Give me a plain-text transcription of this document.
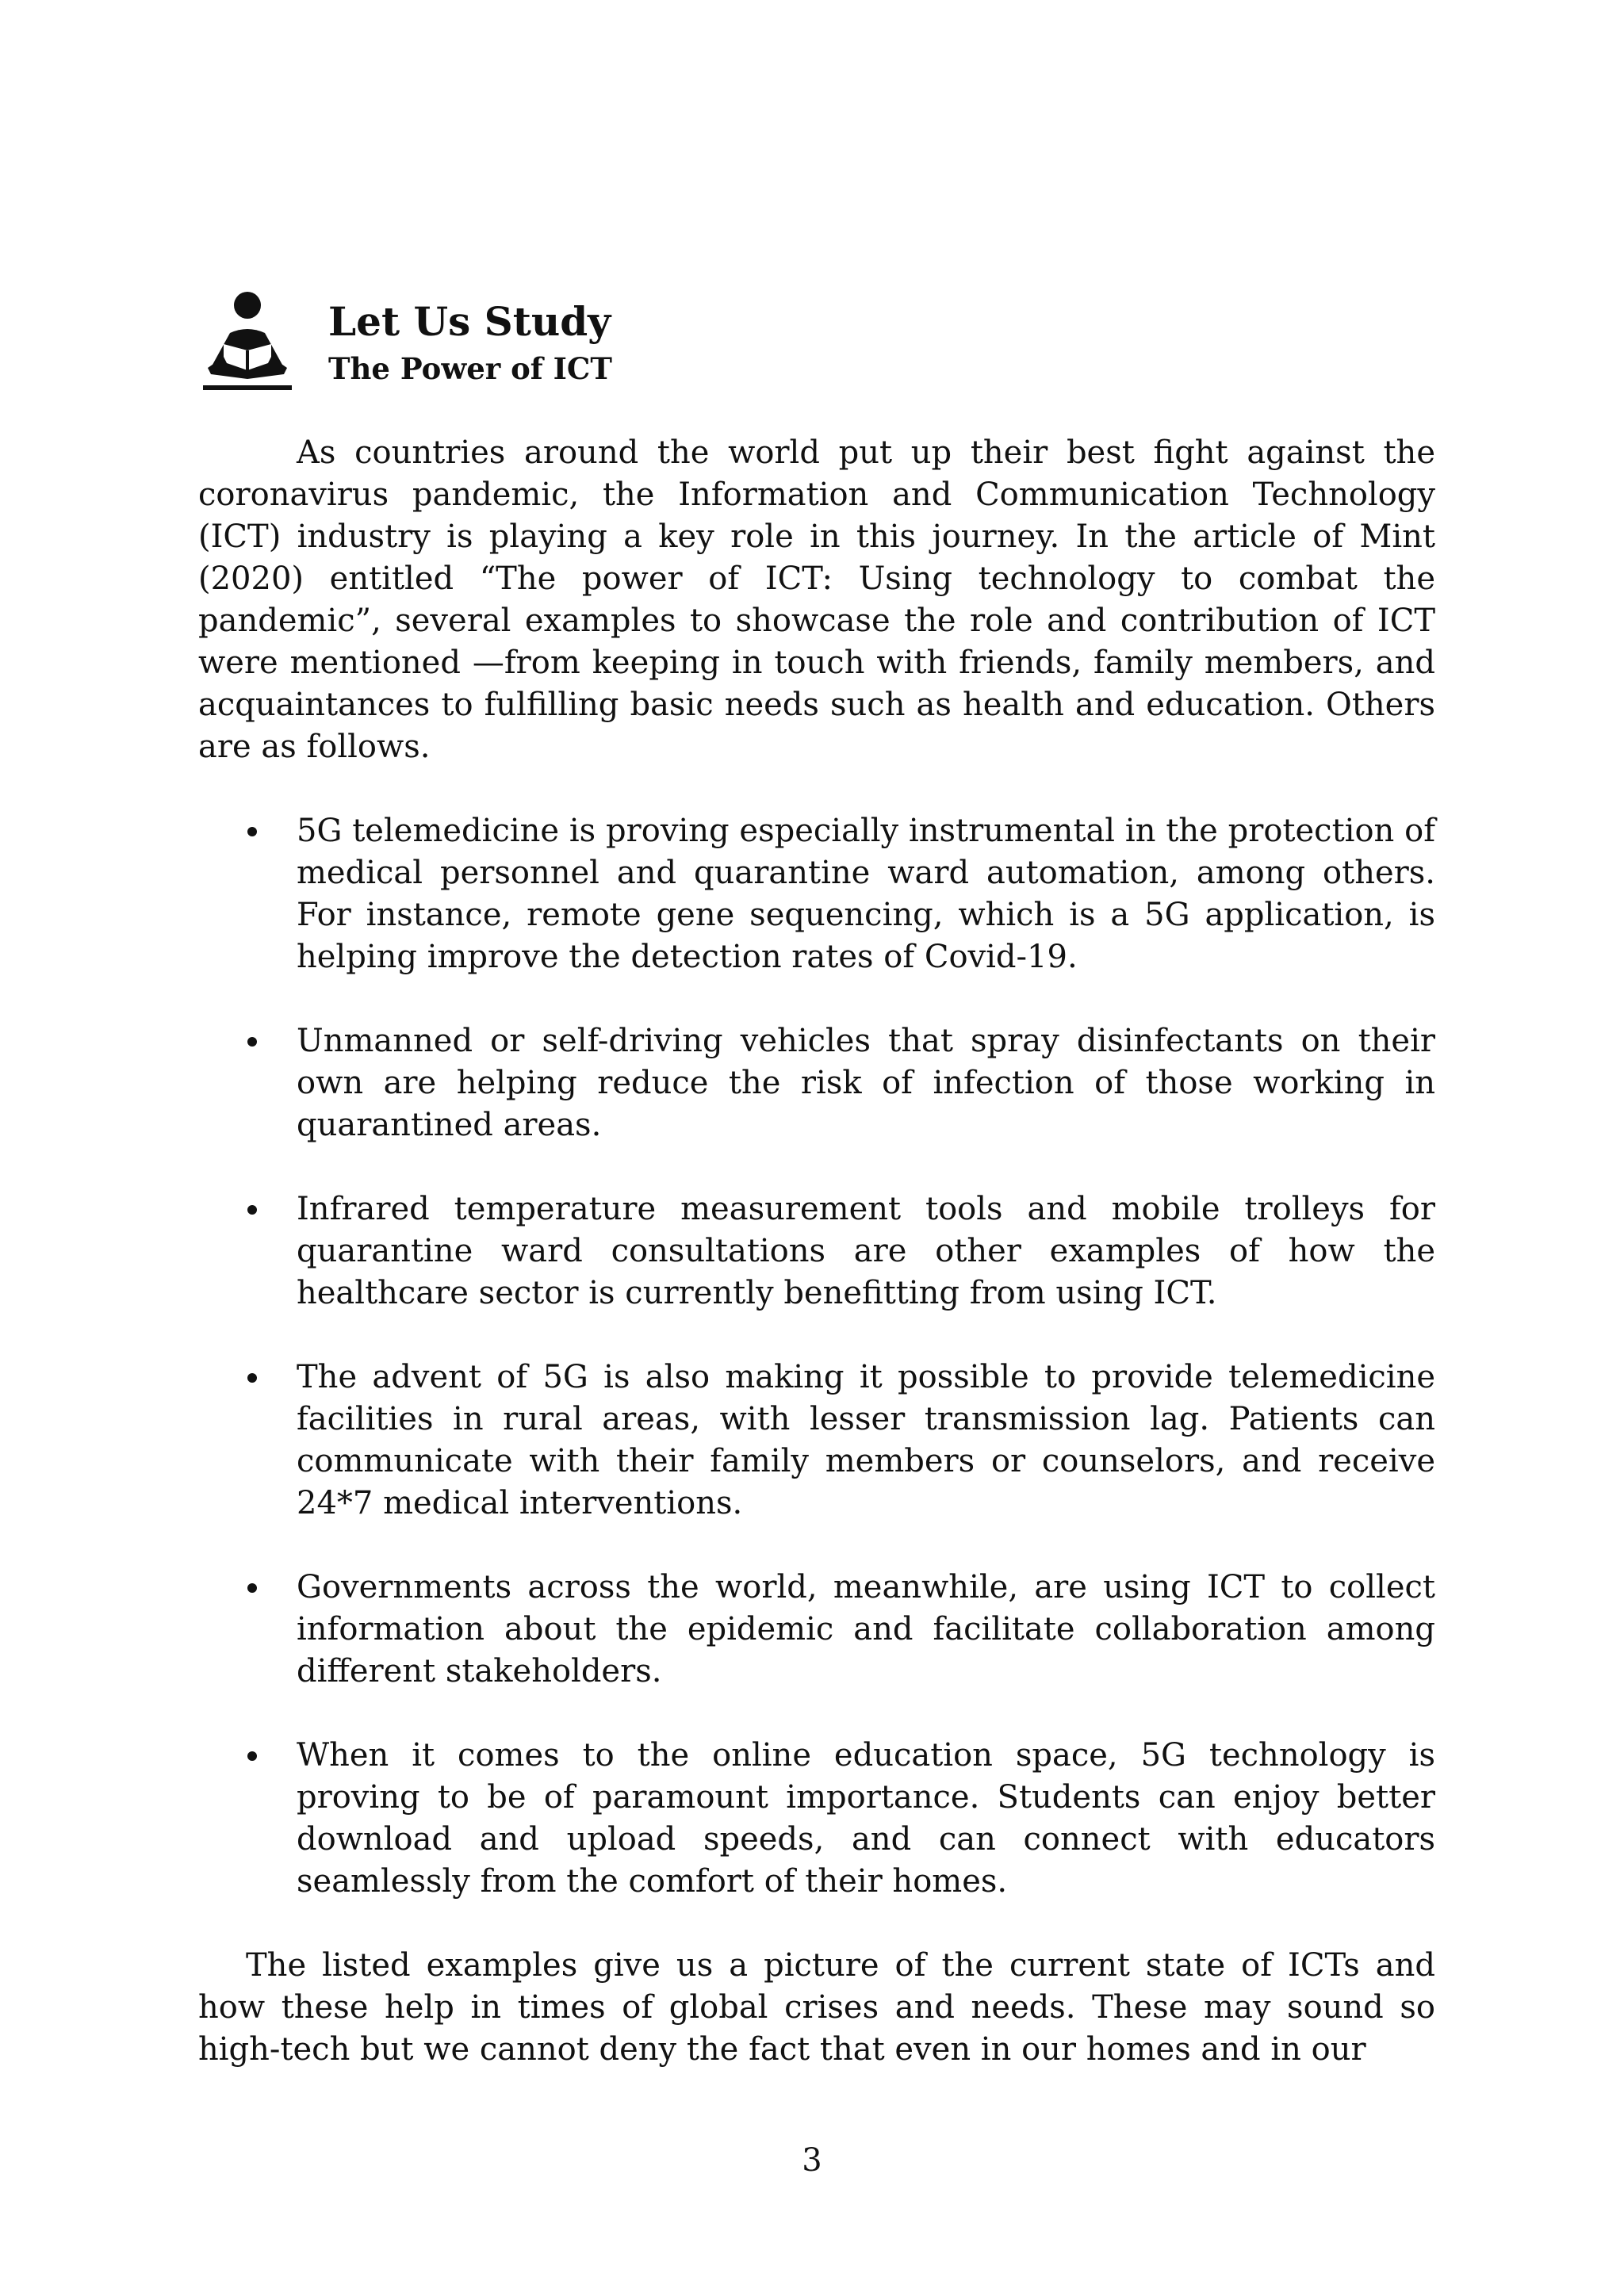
Let Us Study
The Power of ICT

As countries around the world put up their best fight against the coronavirus pandemic, the Information and Communication Technology (ICT) industry is playing a key role in this journey. In the article of Mint (2020) entitled “The power of ICT: Using technology to combat the pandemic”, several examples to showcase the role and contribution of ICT were mentioned —from keeping in touch with friends, family members, and acquaintances to fulfilling basic needs such as health and education. Others are as follows.

5G telemedicine is proving especially instrumental in the protection of medical personnel and quarantine ward automation, among others. For instance, remote gene sequencing, which is a 5G application, is helping improve the detection rates of Covid-19.
Unmanned or self-driving vehicles that spray disinfectants on their own are helping reduce the risk of infection of those working in quarantined areas.
Infrared temperature measurement tools and mobile trolleys for quarantine ward consultations are other examples of how the healthcare sector is currently benefitting from using ICT.
The advent of 5G is also making it possible to provide telemedicine facilities in rural areas, with lesser transmission lag. Patients can communicate with their family members or counselors, and receive 24*7 medical interventions.
Governments across the world, meanwhile, are using ICT to collect information about the epidemic and facilitate collaboration among different stakeholders.
When it comes to the online education space, 5G technology is proving to be of paramount importance. Students can enjoy better download and upload speeds, and can connect with educators seamlessly from the comfort of their homes.

The listed examples give us a picture of the current state of ICTs and how these help in times of global crises and needs. These may sound so high-tech but we cannot deny the fact that even in our homes and in our

3
